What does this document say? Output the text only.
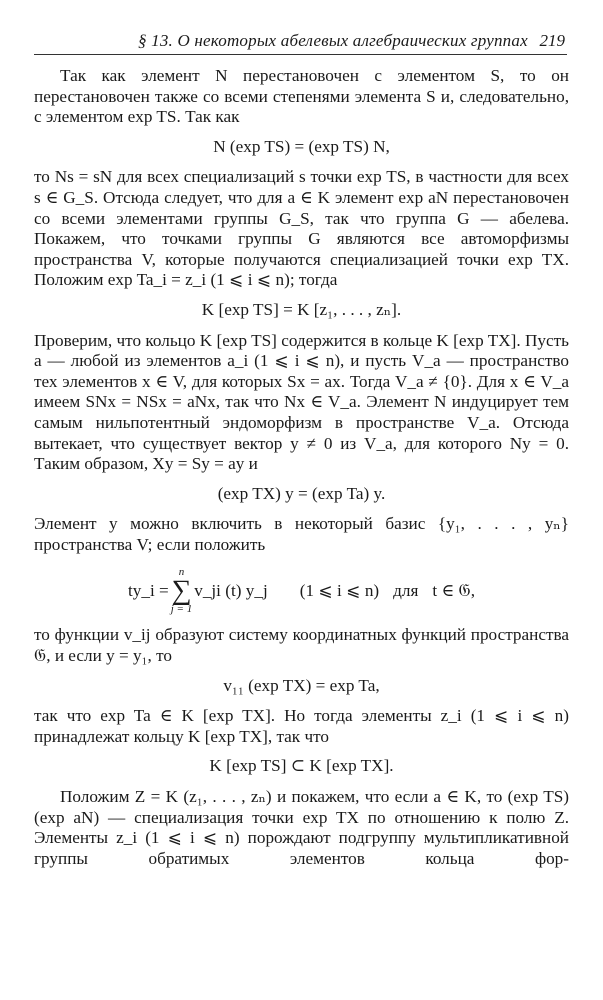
§ 13. О некоторых абелевых алгебраических группах 219

Так как элемент N перестановочен с элементом S, то он перестановочен также со всеми степенями элемента S и, следовательно, с элементом exp TS. Так как

N (exp TS) = (exp TS) N,

то Ns = sN для всех специализаций s точки exp TS, в частности для всех s ∈ G_S. Отсюда следует, что для a ∈ K элемент exp aN перестановочен со всеми элементами группы G_S, так что группа G — абелева. Покажем, что точками группы G являются все автоморфизмы пространства V, которые получаются специализацией точки exp TX. Положим exp Ta_i = z_i (1 ⩽ i ⩽ n); тогда

K [exp TS] = K [z₁, . . . , zₙ].

Проверим, что кольцо K [exp TS] содержится в кольце K [exp TX]. Пусть a — любой из элементов a_i (1 ⩽ i ⩽ n), и пусть V_a — пространство тех элементов x ∈ V, для которых Sx = ax. Тогда V_a ≠ {0}. Для x ∈ V_a имеем SNx = NSx = aNx, так что Nx ∈ V_a. Элемент N индуцирует тем самым нильпотентный эндоморфизм в пространстве V_a. Отсюда вытекает, что существует вектор y ≠ 0 из V_a, для которого Ny = 0. Таким образом, Xy = Sy = ay и

(exp TX) y = (exp Ta) y.

Элемент y можно включить в некоторый базис {y₁, . . . , yₙ} пространства V; если положить

ty_i =
n
∑
j = 1
v_ji (t) y_j (1 ⩽ i ⩽ n) для t ∈ 𝔊,

то функции v_ij образуют систему координатных функций пространства 𝔊, и если y = y₁, то

v₁₁ (exp TX) = exp Ta,

так что exp Ta ∈ K [exp TX]. Но тогда элементы z_i (1 ⩽ i ⩽ n) принадлежат кольцу K [exp TX], так что

K [exp TS] ⊂ K [exp TX].

Положим Z = K (z₁, . . . , zₙ) и покажем, что если a ∈ K, то (exp TS) (exp aN) — специализация точки exp TX по отношению к полю Z. Элементы z_i (1 ⩽ i ⩽ n) порождают подгруппу мультипликативной группы обратимых элементов кольца фор-
